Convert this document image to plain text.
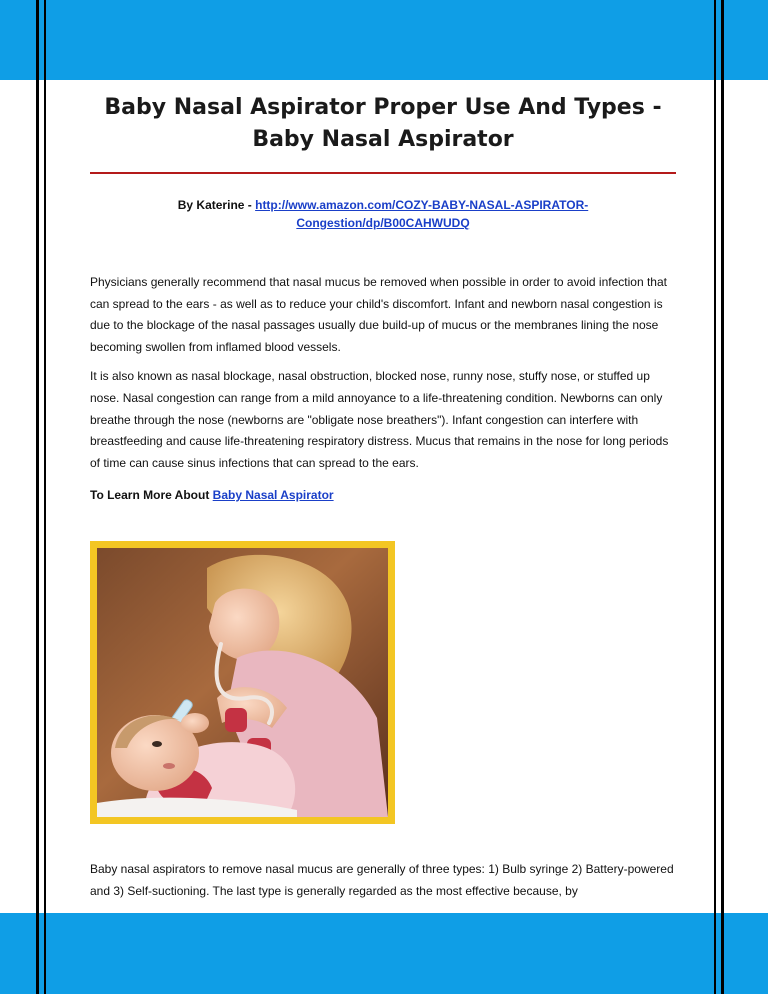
Baby Nasal Aspirator Proper Use And Types - Baby Nasal Aspirator

By Katerine - http://www.amazon.com/COZY-BABY-NASAL-ASPIRATOR-Congestion/dp/B00CAHWUDQ

Physicians generally recommend that nasal mucus be removed when possible in order to avoid infection that can spread to the ears - as well as to reduce your child's discomfort. Infant and newborn nasal congestion is due to the blockage of the nasal passages usually due build-up of mucus or the membranes lining the nose becoming swollen from inflamed blood vessels.

It is also known as nasal blockage, nasal obstruction, blocked nose, runny nose, stuffy nose, or stuffed up nose. Nasal congestion can range from a mild annoyance to a life-threatening condition. Newborns can only breathe through the nose (newborns are "obligate nose breathers"). Infant congestion can interfere with breastfeeding and cause life-threatening respiratory distress. Mucus that remains in the nose for long periods of time can cause sinus infections that can spread to the ears.

To Learn More About Baby Nasal Aspirator

Baby nasal aspirators to remove nasal mucus are generally of three types: 1) Bulb syringe 2) Battery-powered and 3) Self-suctioning. The last type is generally regarded as the most effective because, by
